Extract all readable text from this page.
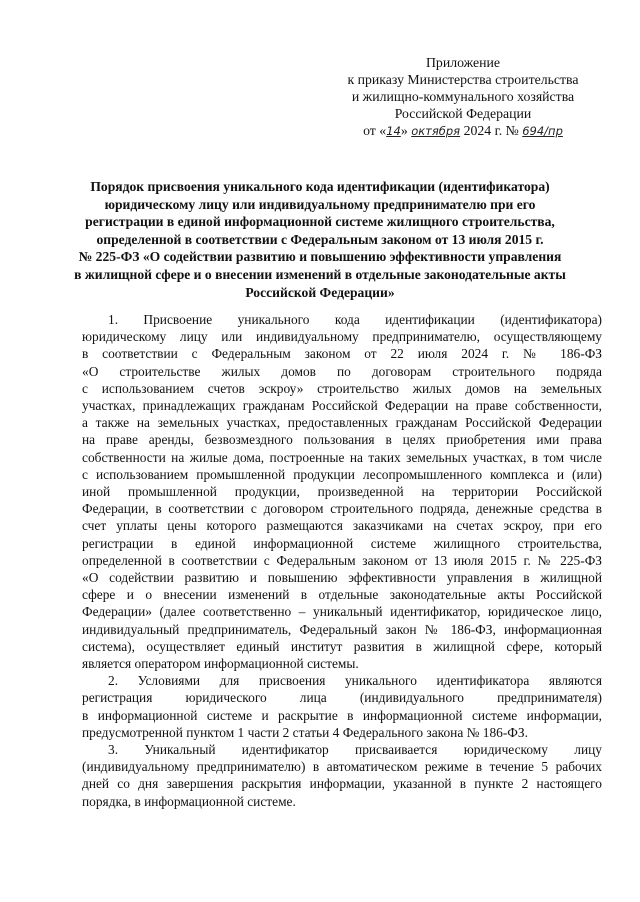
Приложение
к приказу Министерства строительства
и жилищно-коммунального хозяйства
Российской Федерации
от «14» октября 2024 г. № 694/пр
Порядок присвоения уникального кода идентификации (идентификатора)
юридическому лицу или индивидуальному предпринимателю при его
регистрации в единой информационной системе жилищного строительства,
определенной в соответствии с Федеральным законом от 13 июля 2015 г.
№ 225-ФЗ «О содействии развитию и повышению эффективности управления
в жилищной сфере и о внесении изменений в отдельные законодательные акты
Российской Федерации»
1. Присвоение уникального кода идентификации (идентификатора)
юридическому лицу или индивидуальному предпринимателю, осуществляющему
в соответствии с Федеральным законом от 22 июля 2024 г. № 186-ФЗ
«О строительстве жилых домов по договорам строительного подряда
с использованием счетов эскроу» строительство жилых домов на земельных
участках, принадлежащих гражданам Российской Федерации на праве собственности,
а также на земельных участках, предоставленных гражданам Российской Федерации
на праве аренды, безвозмездного пользования в целях приобретения ими права
собственности на жилые дома, построенные на таких земельных участках, в том числе
с использованием промышленной продукции лесопромышленного комплекса и (или)
иной промышленной продукции, произведенной на территории Российской
Федерации, в соответствии с договором строительного подряда, денежные средства в
счет уплаты цены которого размещаются заказчиками на счетах эскроу, при его
регистрации в единой информационной системе жилищного строительства,
определенной в соответствии с Федеральным законом от 13 июля 2015 г. № 225-ФЗ
«О содействии развитию и повышению эффективности управления в жилищной
сфере и о внесении изменений в отдельные законодательные акты Российской
Федерации» (далее соответственно – уникальный идентификатор, юридическое лицо,
индивидуальный предприниматель, Федеральный закон № 186-ФЗ, информационная
система), осуществляет единый институт развития в жилищной сфере, который
является оператором информационной системы.
2. Условиями для присвоения уникального идентификатора являются
регистрация юридического лица (индивидуального предпринимателя)
в информационной системе и раскрытие в информационной системе информации,
предусмотренной пунктом 1 части 2 статьи 4 Федерального закона № 186-ФЗ.
3. Уникальный идентификатор присваивается юридическому лицу
(индивидуальному предпринимателю) в автоматическом режиме в течение 5 рабочих
дней со дня завершения раскрытия информации, указанной в пункте 2 настоящего
порядка, в информационной системе.
